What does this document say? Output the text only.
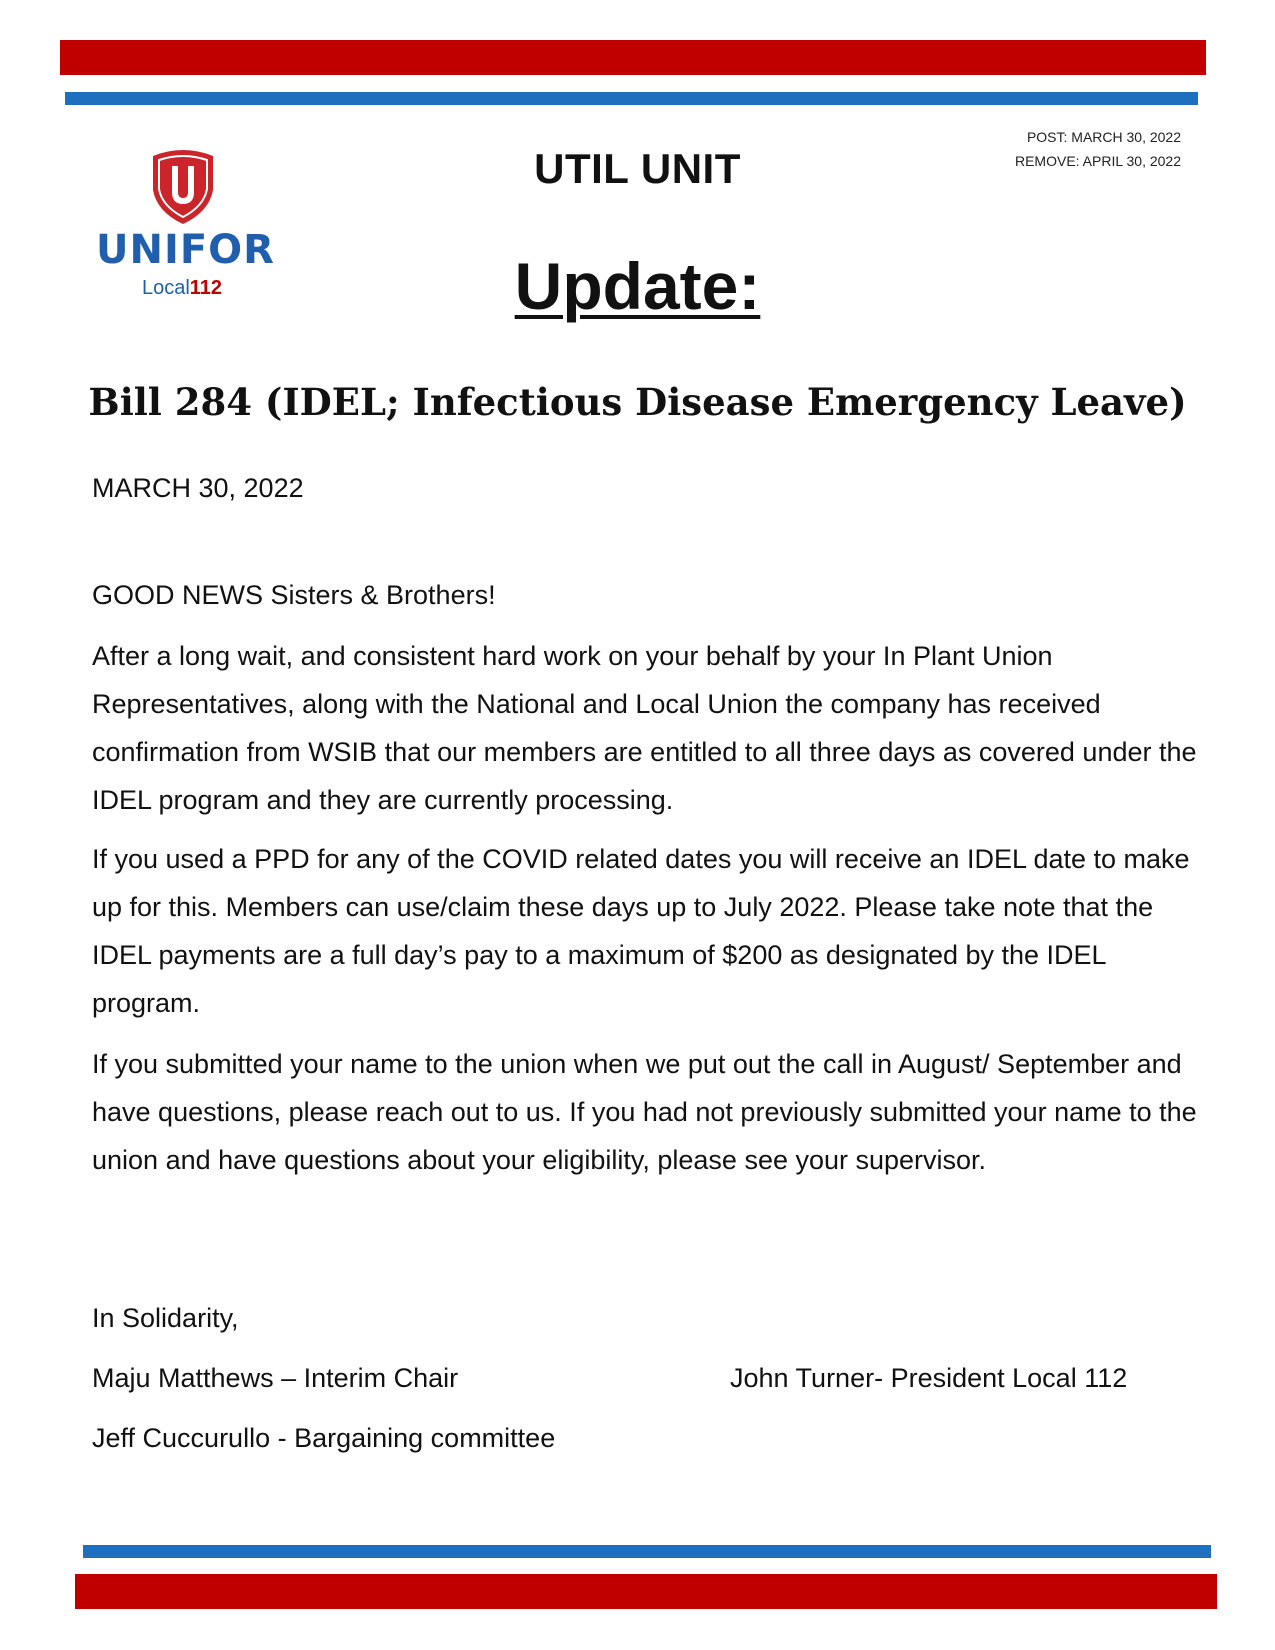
UNIFOR
Local112
POST: MARCH 30, 2022
REMOVE: APRIL 30, 2022
UTIL UNIT
Update:
Bill 284 (IDEL; Infectious Disease Emergency Leave)
MARCH 30, 2022
GOOD NEWS Sisters & Brothers!

After a long wait, and consistent hard work on your behalf by your In Plant Union Representatives, along with the National and Local Union the company has received confirmation from WSIB that our members are entitled to all three days as covered under the IDEL program and they are currently processing.

If you used a PPD for any of the COVID related dates you will receive an IDEL date to make up for this. Members can use/claim these days up to July 2022. Please take note that the IDEL payments are a full day’s pay to a maximum of $200 as designated by the IDEL program.

If you submitted your name to the union when we put out the call in August/ September and have questions, please reach out to us. If you had not previously submitted your name to the union and have questions about your eligibility, please see your supervisor.

In Solidarity,
Maju Matthews – Interim Chair
Jeff Cuccurullo - Bargaining committee
John Turner- President Local 112
